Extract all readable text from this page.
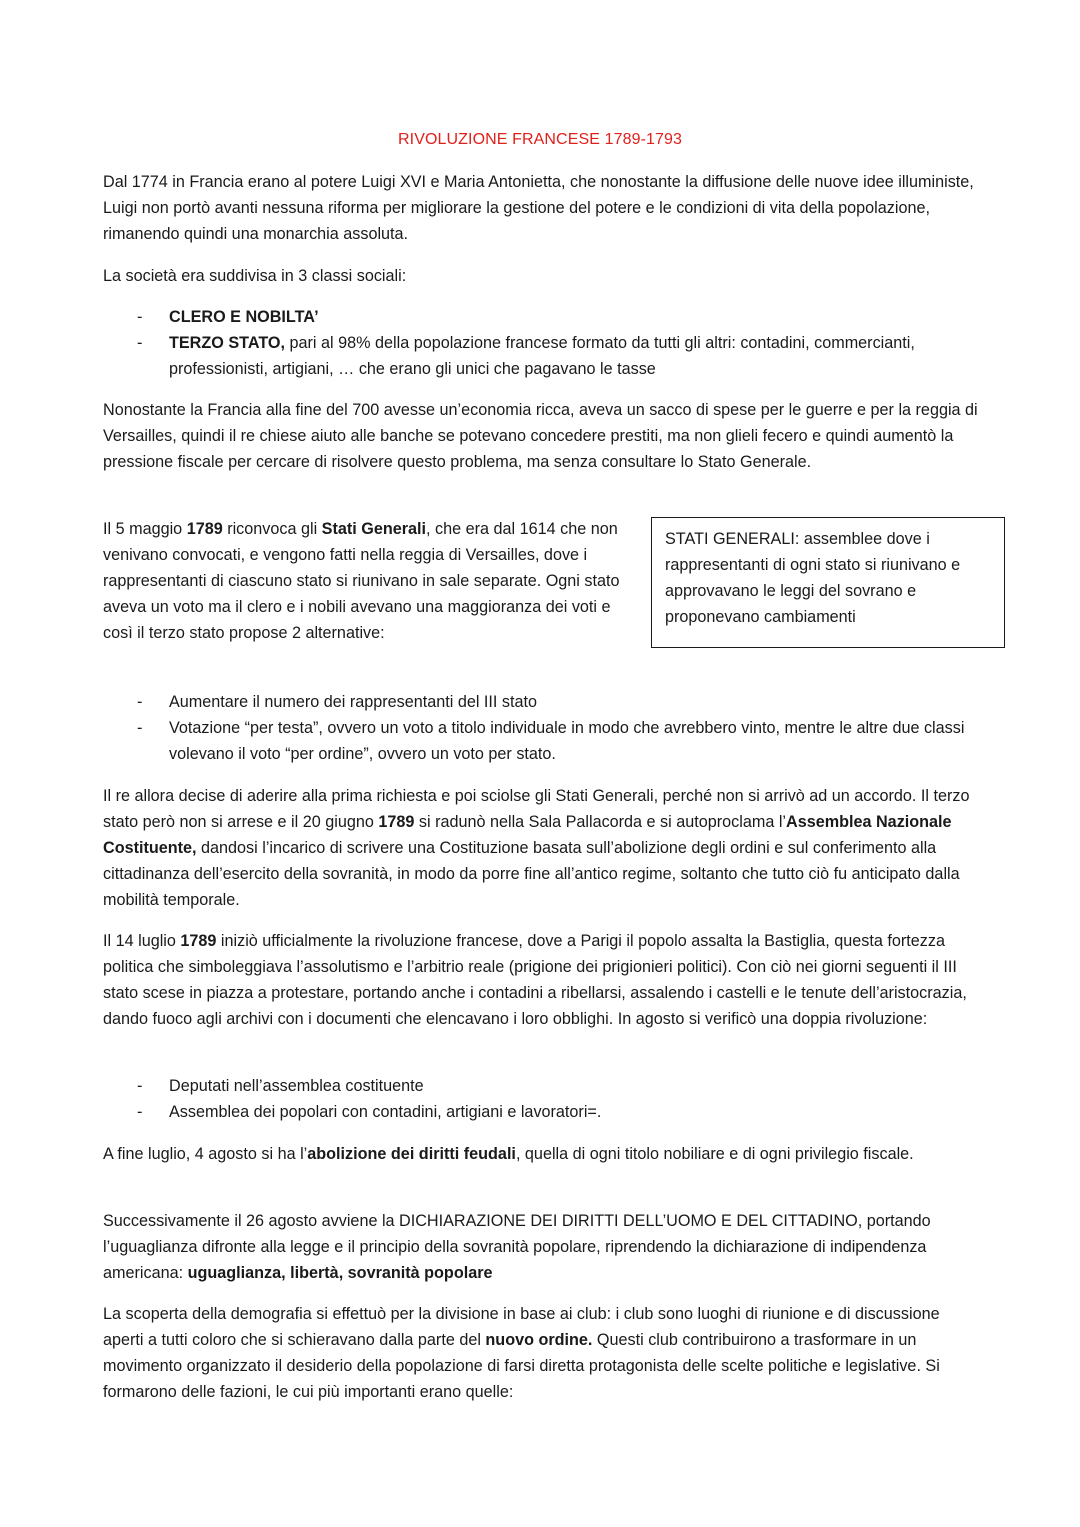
RIVOLUZIONE FRANCESE 1789-1793

Dal 1774 in Francia erano al potere Luigi XVI e Maria Antonietta, che nonostante la diffusione delle nuove idee illuministe, Luigi non portò avanti nessuna riforma per migliorare la gestione del potere e le condizioni di vita della popolazione, rimanendo quindi una monarchia assoluta.

La società era suddivisa in 3 classi sociali:

- CLERO E NOBILTA’
- TERZO STATO, pari al 98% della popolazione francese formato da tutti gli altri: contadini, commercianti, professionisti, artigiani, … che erano gli unici che pagavano le tasse

Nonostante la Francia alla fine del 700 avesse un’economia ricca, aveva un sacco di spese per le guerre e per la reggia di Versailles, quindi il re chiese aiuto alle banche se potevano concedere prestiti, ma non glieli fecero e quindi aumentò la pressione fiscale per cercare di risolvere questo problema, ma senza consultare lo Stato Generale.

Il 5 maggio 1789 riconvoca gli Stati Generali, che era dal 1614 che non venivano convocati, e vengono fatti nella reggia di Versailles, dove i rappresentanti di ciascuno stato si riunivano in sale separate. Ogni stato aveva un voto ma il clero e i nobili avevano una maggioranza dei voti e così il terzo stato propose 2 alternative:

STATI GENERALI: assemblee dove i rappresentanti di ogni stato si riunivano e approvavano le leggi del sovrano e proponevano cambiamenti
- Aumentare il numero dei rappresentanti del III stato
- Votazione “per testa”, ovvero un voto a titolo individuale in modo che avrebbero vinto, mentre le altre due classi volevano il voto “per ordine”, ovvero un voto per stato.

Il re allora decise di aderire alla prima richiesta e poi sciolse gli Stati Generali, perché non si arrivò ad un accordo. Il terzo stato però non si arrese e il 20 giugno 1789 si radunò nella Sala Pallacorda e si autoproclama l’Assemblea Nazionale Costituente, dandosi l’incarico di scrivere una Costituzione basata sull’abolizione degli ordini e sul conferimento alla cittadinanza dell’esercito della sovranità, in modo da porre fine all’antico regime, soltanto che tutto ciò fu anticipato dalla mobilità temporale.

Il 14 luglio 1789 iniziò ufficialmente la rivoluzione francese, dove a Parigi il popolo assalta la Bastiglia, questa fortezza politica che simboleggiava l’assolutismo e l’arbitrio reale (prigione dei prigionieri politici). Con ciò nei giorni seguenti il III stato scese in piazza a protestare, portando anche i contadini a ribellarsi, assalendo i castelli e le tenute dell’aristocrazia, dando fuoco agli archivi con i documenti che elencavano i loro obblighi. In agosto si verificò una doppia rivoluzione:

- Deputati nell’assemblea costituente
- Assemblea dei popolari con contadini, artigiani e lavoratori=.

A fine luglio, 4 agosto si ha l’abolizione dei diritti feudali, quella di ogni titolo nobiliare e di ogni privilegio fiscale.

Successivamente il 26 agosto avviene la DICHIARAZIONE DEI DIRITTI DELL’UOMO E DEL CITTADINO, portando l’uguaglianza difronte alla legge e il principio della sovranità popolare, riprendendo la dichiarazione di indipendenza americana: uguaglianza, libertà, sovranità popolare

La scoperta della demografia si effettuò per la divisione in base ai club: i club sono luoghi di riunione e di discussione aperti a tutti coloro che si schieravano dalla parte del nuovo ordine. Questi club contribuirono a trasformare in un movimento organizzato il desiderio della popolazione di farsi diretta protagonista delle scelte politiche e legislative. Si formarono delle fazioni, le cui più importanti erano quelle:
